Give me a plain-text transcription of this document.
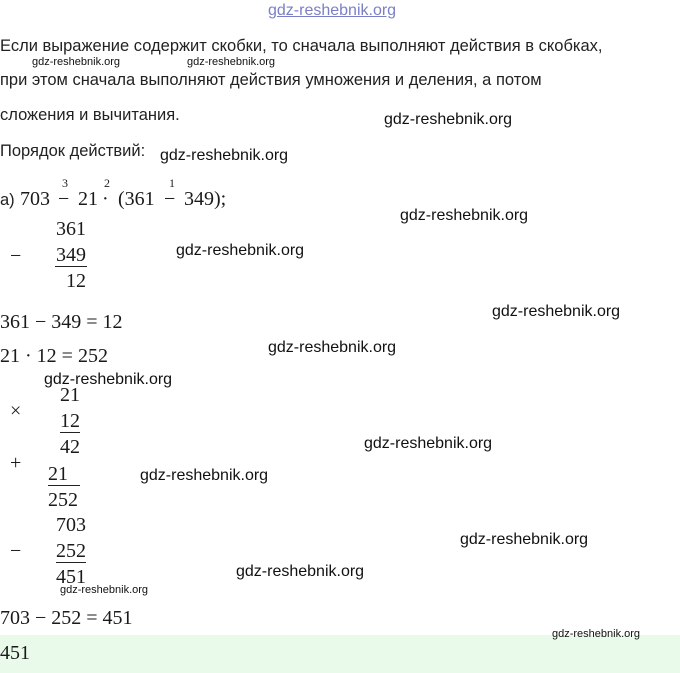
gdz-reshebnik.org
Если выражение содержит скобки, то сначала выполняют действия в скобках,
при этом сначала выполняют действия умножения и деления, а потом
сложения и вычитания.
Порядок действий:
а) 703 −
3
21 ·
2
(361 −
1
349);
−
361
349
12
361 − 349 = 12
21 · 12 = 252
×
21
12
42
+ 21
252
−
703
252
451
703 − 252 = 451
451
gdz-reshebnik.org	gdz-reshebnik.org
gdz-reshebnik.org
gdz-reshebnik.org
gdz-reshebnik.org
gdz-reshebnik.org
gdz-reshebnik.org
gdz-reshebnik.org
gdz-reshebnik.org
gdz-reshebnik.org
gdz-reshebnik.org
gdz-reshebnik.org
gdz-reshebnik.org
gdz-reshebnik.org
gdz-reshebnik.org
